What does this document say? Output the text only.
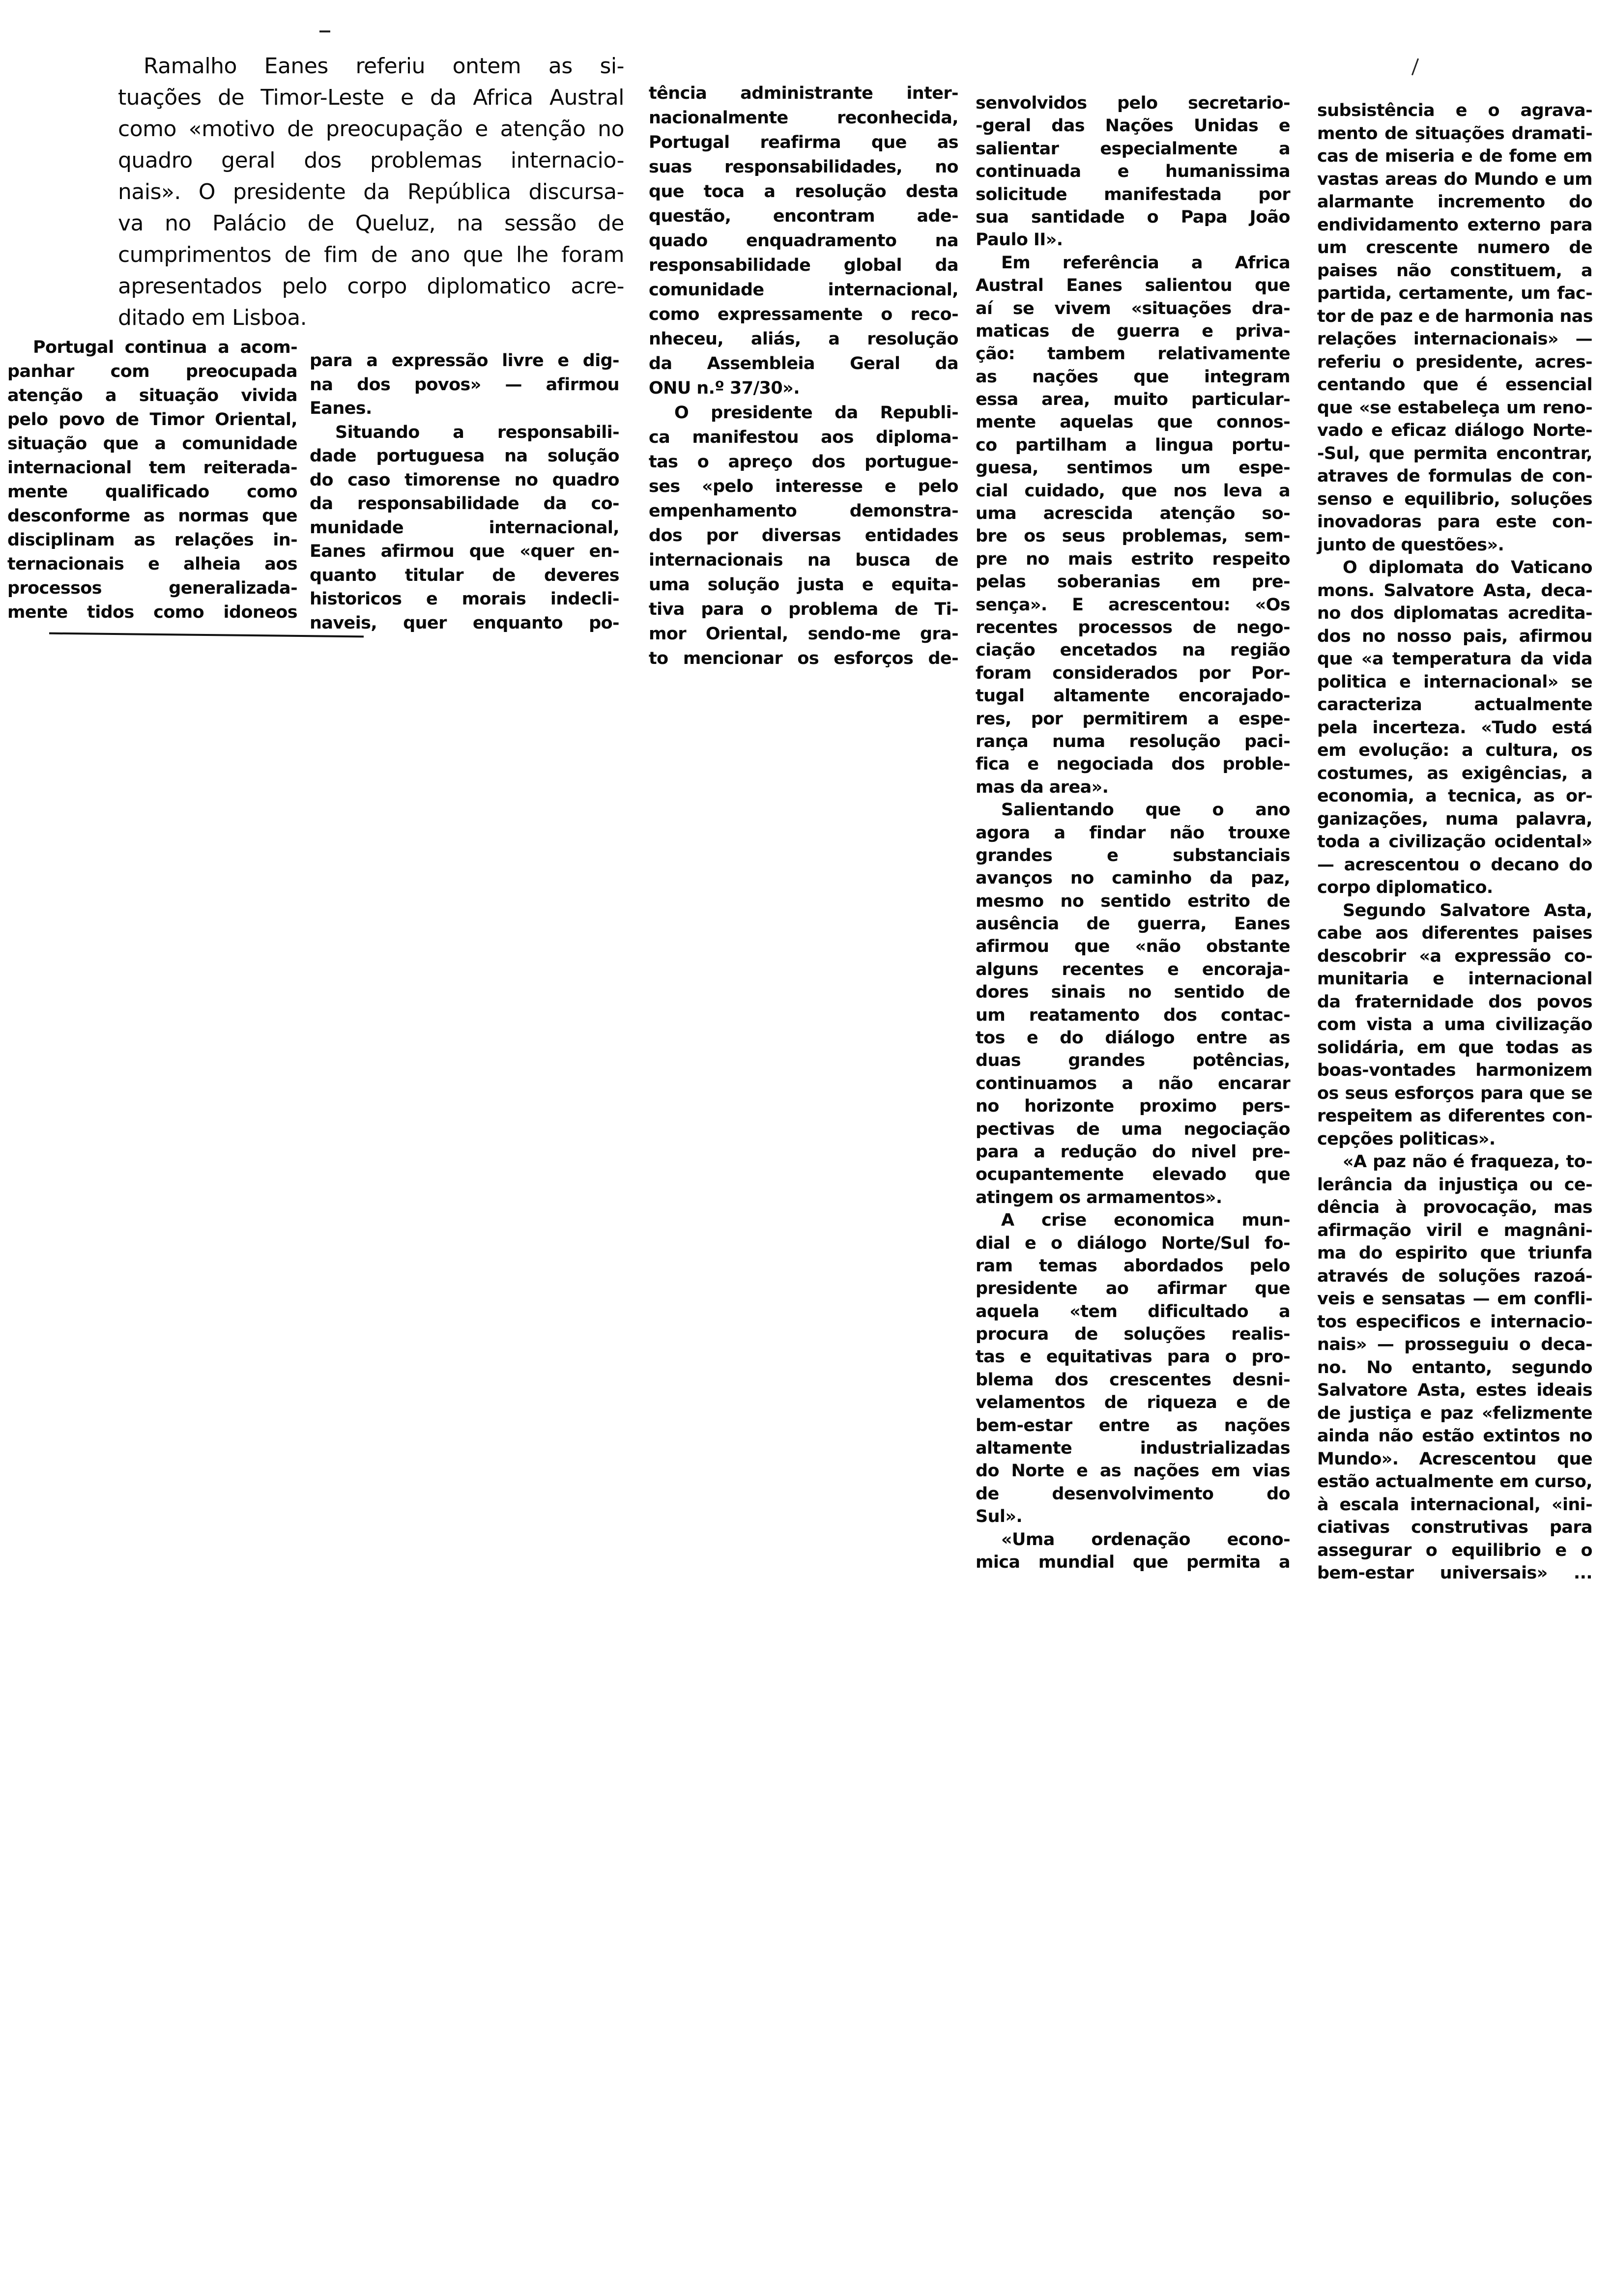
Ramalho Eanes referiu ontem as si-
tuações de Timor-Leste e da Africa Austral
como «motivo de preocupação e atenção no
quadro geral dos problemas internacio-
nais». O presidente da República discursa-
va no Palácio de Queluz, na sessão de
cumprimentos de fim de ano que lhe foram
apresentados pelo corpo diplomatico acre-
ditado em Lisboa.
Portugal continua a acom-
panhar com preocupada
atenção a situação vivida
pelo povo de Timor Oriental,
situação que a comunidade
internacional tem reiterada-
mente qualificado como
desconforme as normas que
disciplinam as relações in-
ternacionais e alheia aos
processos generalizada-
mente tidos como idoneos
para a expressão livre e dig-
na dos povos» — afirmou
Eanes.
Situando a responsabili-
dade portuguesa na solução
do caso timorense no quadro
da responsabilidade da co-
munidade internacional,
Eanes afirmou que «quer en-
quanto titular de deveres
historicos e morais indecli-
naveis, quer enquanto po-
tência administrante inter-
nacionalmente reconhecida,
Portugal reafirma que as
suas responsabilidades, no
que toca a resolução desta
questão, encontram ade-
quado enquadramento na
responsabilidade global da
comunidade internacional,
como expressamente o reco-
nheceu, aliás, a resolução
da Assembleia Geral da
ONU n.º 37/30».
O presidente da Republi-
ca manifestou aos diploma-
tas o apreço dos portugue-
ses «pelo interesse e pelo
empenhamento demonstra-
dos por diversas entidades
internacionais na busca de
uma solução justa e equita-
tiva para o problema de Ti-
mor Oriental, sendo-me gra-
to mencionar os esforços de-
senvolvidos pelo secretario-
-geral das Nações Unidas e
salientar especialmente a
continuada e humanissima
solicitude manifestada por
sua santidade o Papa João
Paulo II».
Em referência a Africa
Austral Eanes salientou que
aí se vivem «situações dra-
maticas de guerra e priva-
ção: tambem relativamente
as nações que integram
essa area, muito particular-
mente aquelas que connos-
co partilham a lingua portu-
guesa, sentimos um espe-
cial cuidado, que nos leva a
uma acrescida atenção so-
bre os seus problemas, sem-
pre no mais estrito respeito
pelas soberanias em pre-
sença». E acrescentou: «Os
recentes processos de nego-
ciação encetados na região
foram considerados por Por-
tugal altamente encorajado-
res, por permitirem a espe-
rança numa resolução paci-
fica e negociada dos proble-
mas da area».
Salientando que o ano
agora a findar não trouxe
grandes e substanciais
avanços no caminho da paz,
mesmo no sentido estrito de
ausência de guerra, Eanes
afirmou que «não obstante
alguns recentes e encoraja-
dores sinais no sentido de
um reatamento dos contac-
tos e do diálogo entre as
duas grandes potências,
continuamos a não encarar
no horizonte proximo pers-
pectivas de uma negociação
para a redução do nivel pre-
ocupantemente elevado que
atingem os armamentos».
A crise economica mun-
dial e o diálogo Norte/Sul fo-
ram temas abordados pelo
presidente ao afirmar que
aquela «tem dificultado a
procura de soluções realis-
tas e equitativas para o pro-
blema dos crescentes desni-
velamentos de riqueza e de
bem-estar entre as nações
altamente industrializadas
do Norte e as nações em vias
de desenvolvimento do
Sul».
«Uma ordenação econo-
mica mundial que permita a
subsistência e o agrava-
mento de situações dramati-
cas de miseria e de fome em
vastas areas do Mundo e um
alarmante incremento do
endividamento externo para
um crescente numero de
paises não constituem, a
partida, certamente, um fac-
tor de paz e de harmonia nas
relações internacionais» —
referiu o presidente, acres-
centando que é essencial
que «se estabeleça um reno-
vado e eficaz diálogo Norte-
-Sul, que permita encontrar,
atraves de formulas de con-
senso e equilibrio, soluções
inovadoras para este con-
junto de questões».
O diplomata do Vaticano
mons. Salvatore Asta, deca-
no dos diplomatas acredita-
dos no nosso pais, afirmou
que «a temperatura da vida
politica e internacional» se
caracteriza actualmente
pela incerteza. «Tudo está
em evolução: a cultura, os
costumes, as exigências, a
economia, a tecnica, as or-
ganizações, numa palavra,
toda a civilização ocidental»
— acrescentou o decano do
corpo diplomatico.
Segundo Salvatore Asta,
cabe aos diferentes paises
descobrir «a expressão co-
munitaria e internacional
da fraternidade dos povos
com vista a uma civilização
solidária, em que todas as
boas-vontades harmonizem
os seus esforços para que se
respeitem as diferentes con-
cepções politicas».
«A paz não é fraqueza, to-
lerância da injustiça ou ce-
dência à provocação, mas
afirmação viril e magnâni-
ma do espirito que triunfa
através de soluções razoá-
veis e sensatas — em confli-
tos especificos e internacio-
nais» — prosseguiu o deca-
no. No entanto, segundo
Salvatore Asta, estes ideais
de justiça e paz «felizmente
ainda não estão extintos no
Mundo». Acrescentou que
estão actualmente em curso,
à escala internacional, «ini-
ciativas construtivas para
assegurar o equilibrio e o
bem-estar universais» ...
